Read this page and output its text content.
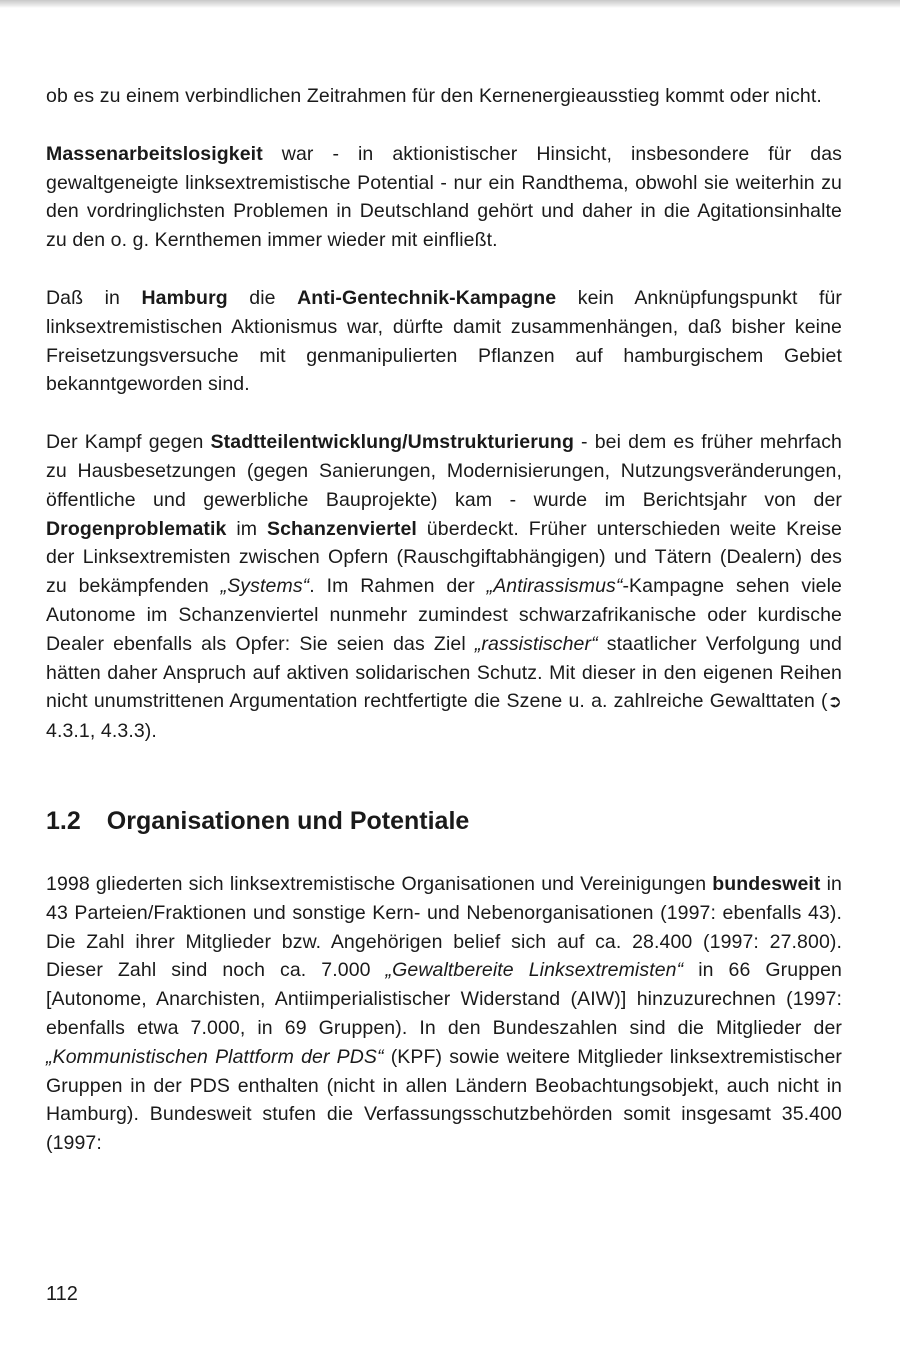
ob es zu einem verbindlichen Zeitrahmen für den Kernenergieausstieg kommt oder nicht.

Massenarbeitslosigkeit war - in aktionistischer Hinsicht, insbesondere für das gewaltgeneigte linksextremistische Potential - nur ein Randthema, obwohl sie weiterhin zu den vordringlichsten Problemen in Deutschland gehört und daher in die Agitationsinhalte zu den o. g. Kernthemen immer wieder mit einfließt.

Daß in Hamburg die Anti-Gentechnik-Kampagne kein Anknüpfungspunkt für linksextremistischen Aktionismus war, dürfte damit zusammenhängen, daß bisher keine Freisetzungsversuche mit genmanipulierten Pflanzen auf hamburgischem Gebiet bekanntgeworden sind.

Der Kampf gegen Stadtteilentwicklung/Umstrukturierung - bei dem es früher mehrfach zu Hausbesetzungen (gegen Sanierungen, Modernisierungen, Nutzungsveränderungen, öffentliche und gewerbliche Bauprojekte) kam - wurde im Berichtsjahr von der Drogenproblematik im Schanzenviertel überdeckt. Früher unterschieden weite Kreise der Linksextremisten zwischen Opfern (Rauschgiftabhängigen) und Tätern (Dealern) des zu bekämpfenden „Systems“. Im Rahmen der „Antirassismus“-Kampagne sehen viele Autonome im Schanzenviertel nunmehr zumindest schwarzafrikanische oder kurdische Dealer ebenfalls als Opfer: Sie seien das Ziel „rassistischer“ staatlicher Verfolgung und hätten daher Anspruch auf aktiven solidarischen Schutz. Mit dieser in den eigenen Reihen nicht unumstrittenen Argumentation rechtfertigte die Szene u. a. zahlreiche Gewalttaten (➲ 4.3.1, 4.3.3).

1.2 Organisationen und Potentiale

1998 gliederten sich linksextremistische Organisationen und Vereinigungen bundesweit in 43 Parteien/Fraktionen und sonstige Kern- und Nebenorganisationen (1997: ebenfalls 43). Die Zahl ihrer Mitglieder bzw. Angehörigen belief sich auf ca. 28.400 (1997: 27.800). Dieser Zahl sind noch ca. 7.000 „Gewaltbereite Linksextremisten“ in 66 Gruppen [Autonome, Anarchisten, Antiimperialistischer Widerstand (AIW)] hinzuzurechnen (1997: ebenfalls etwa 7.000, in 69 Gruppen). In den Bundeszahlen sind die Mitglieder der „Kommunistischen Plattform der PDS“ (KPF) sowie weitere Mitglieder linksextremistischer Gruppen in der PDS enthalten (nicht in allen Ländern Beobachtungsobjekt, auch nicht in Hamburg). Bundesweit stufen die Verfassungsschutzbehörden somit insgesamt 35.400 (1997:

112
